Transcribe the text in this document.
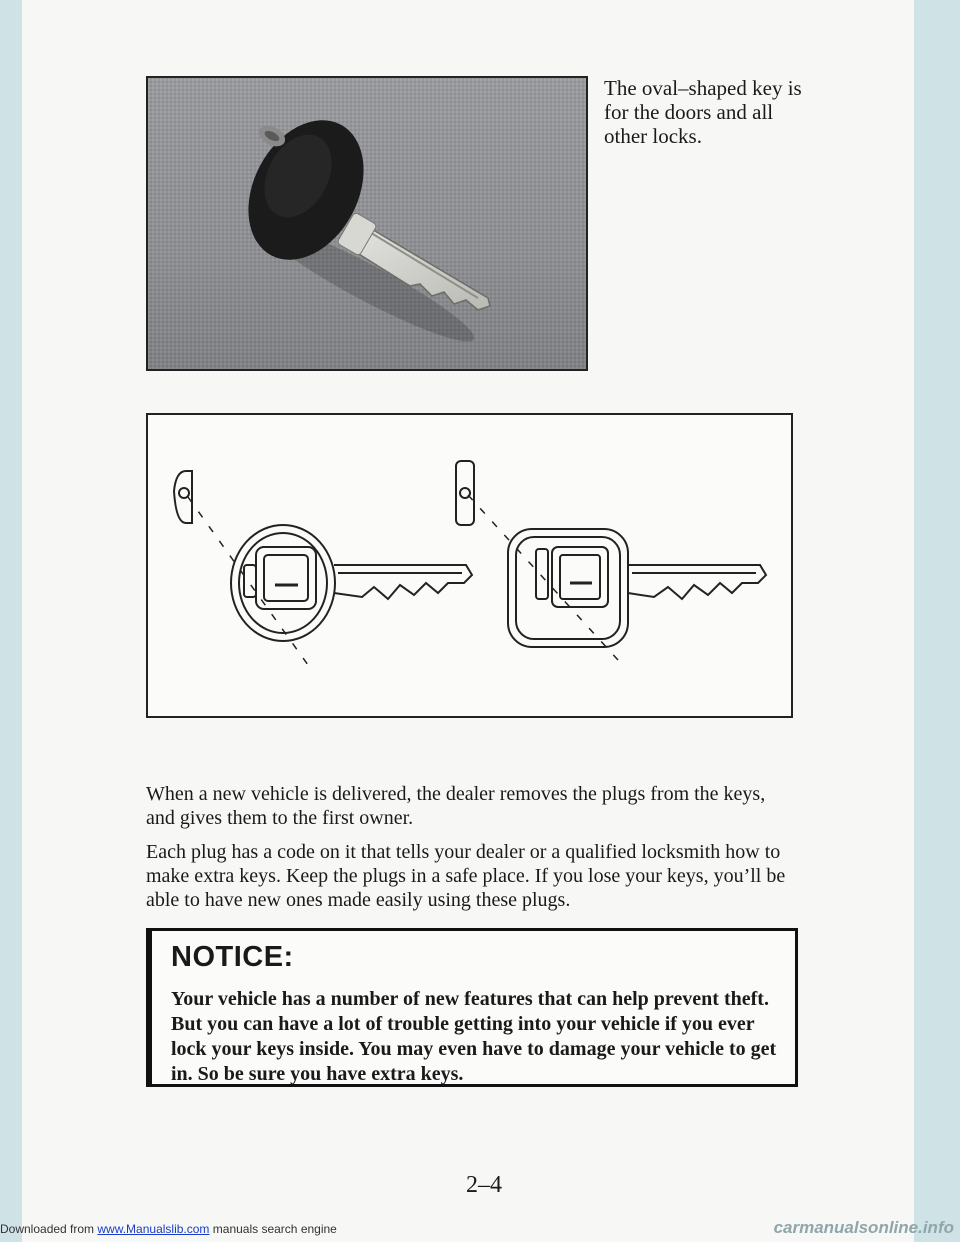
The oval–shaped key is for the doors and all other locks.

When a new vehicle is delivered, the dealer removes the plugs from the keys, and gives them to the first owner.

Each plug has a code on it that tells your dealer or a qualified locksmith how to make extra keys. Keep the plugs in a safe place. If you lose your keys, you’ll be able to have new ones made easily using these plugs.

NOTICE:
Your vehicle has a number of new features that can help prevent theft. But you can have a lot of trouble getting into your vehicle if you ever lock your keys inside. You may even have to damage your vehicle to get in. So be sure you have extra keys.
2–4
Downloaded from www.Manualslib.com manuals search engine	carmanualsonline.info
